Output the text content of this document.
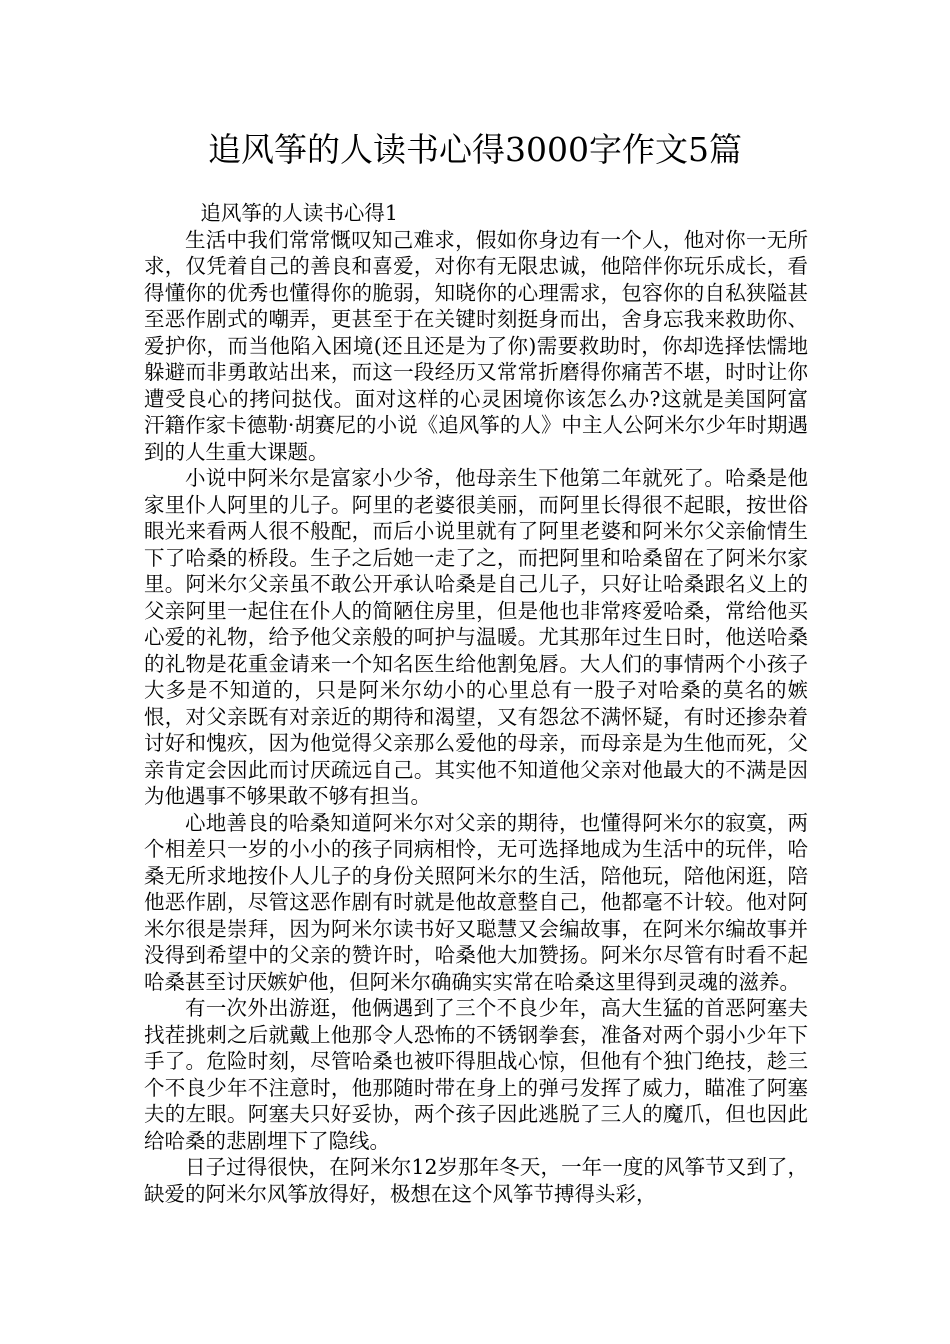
追风筝的人读书心得3000字作文5篇

追风筝的人读书心得1

生活中我们常常慨叹知己难求，假如你身边有一个人，他对你一无所求，仅凭着自己的善良和喜爱，对你有无限忠诚，他陪伴你玩乐成长，看得懂你的优秀也懂得你的脆弱，知晓你的心理需求，包容你的自私狭隘甚至恶作剧式的嘲弄，更甚至于在关键时刻挺身而出，舍身忘我来救助你、爱护你，而当他陷入困境(还且还是为了你)需要救助时，你却选择怯懦地躲避而非勇敢站出来，而这一段经历又常常折磨得你痛苦不堪，时时让你遭受良心的拷问挞伐。面对这样的心灵困境你该怎么办?这就是美国阿富汗籍作家卡德勒·胡赛尼的小说《追风筝的人》中主人公阿米尔少年时期遇到的人生重大课题。

小说中阿米尔是富家小少爷，他母亲生下他第二年就死了。哈桑是他家里仆人阿里的儿子。阿里的老婆很美丽，而阿里长得很不起眼，按世俗眼光来看两人很不般配，而后小说里就有了阿里老婆和阿米尔父亲偷情生下了哈桑的桥段。生子之后她一走了之，而把阿里和哈桑留在了阿米尔家里。阿米尔父亲虽不敢公开承认哈桑是自己儿子，只好让哈桑跟名义上的父亲阿里一起住在仆人的简陋住房里，但是他也非常疼爱哈桑，常给他买心爱的礼物，给予他父亲般的呵护与温暖。尤其那年过生日时，他送哈桑的礼物是花重金请来一个知名医生给他割兔唇。大人们的事情两个小孩子大多是不知道的，只是阿米尔幼小的心里总有一股子对哈桑的莫名的嫉恨，对父亲既有对亲近的期待和渴望，又有怨忿不满怀疑，有时还掺杂着讨好和愧疚，因为他觉得父亲那么爱他的母亲，而母亲是为生他而死，父亲肯定会因此而讨厌疏远自己。其实他不知道他父亲对他最大的不满是因为他遇事不够果敢不够有担当。

心地善良的哈桑知道阿米尔对父亲的期待，也懂得阿米尔的寂寞，两个相差只一岁的小小的孩子同病相怜，无可选择地成为生活中的玩伴，哈桑无所求地按仆人儿子的身份关照阿米尔的生活，陪他玩，陪他闲逛，陪他恶作剧，尽管这恶作剧有时就是他故意整自己，他都毫不计较。他对阿米尔很是崇拜，因为阿米尔读书好又聪慧又会编故事，在阿米尔编故事并没得到希望中的父亲的赞许时，哈桑他大加赞扬。阿米尔尽管有时看不起哈桑甚至讨厌嫉妒他，但阿米尔确确实实常在哈桑这里得到灵魂的滋养。

有一次外出游逛，他俩遇到了三个不良少年，高大生猛的首恶阿塞夫找茬挑刺之后就戴上他那令人恐怖的不锈钢拳套，准备对两个弱小少年下手了。危险时刻，尽管哈桑也被吓得胆战心惊，但他有个独门绝技，趁三个不良少年不注意时，他那随时带在身上的弹弓发挥了威力，瞄准了阿塞夫的左眼。阿塞夫只好妥协，两个孩子因此逃脱了三人的魔爪，但也因此给哈桑的悲剧埋下了隐线。

日子过得很快，在阿米尔12岁那年冬天，一年一度的风筝节又到了，缺爱的阿米尔风筝放得好，极想在这个风筝节搏得头彩，
